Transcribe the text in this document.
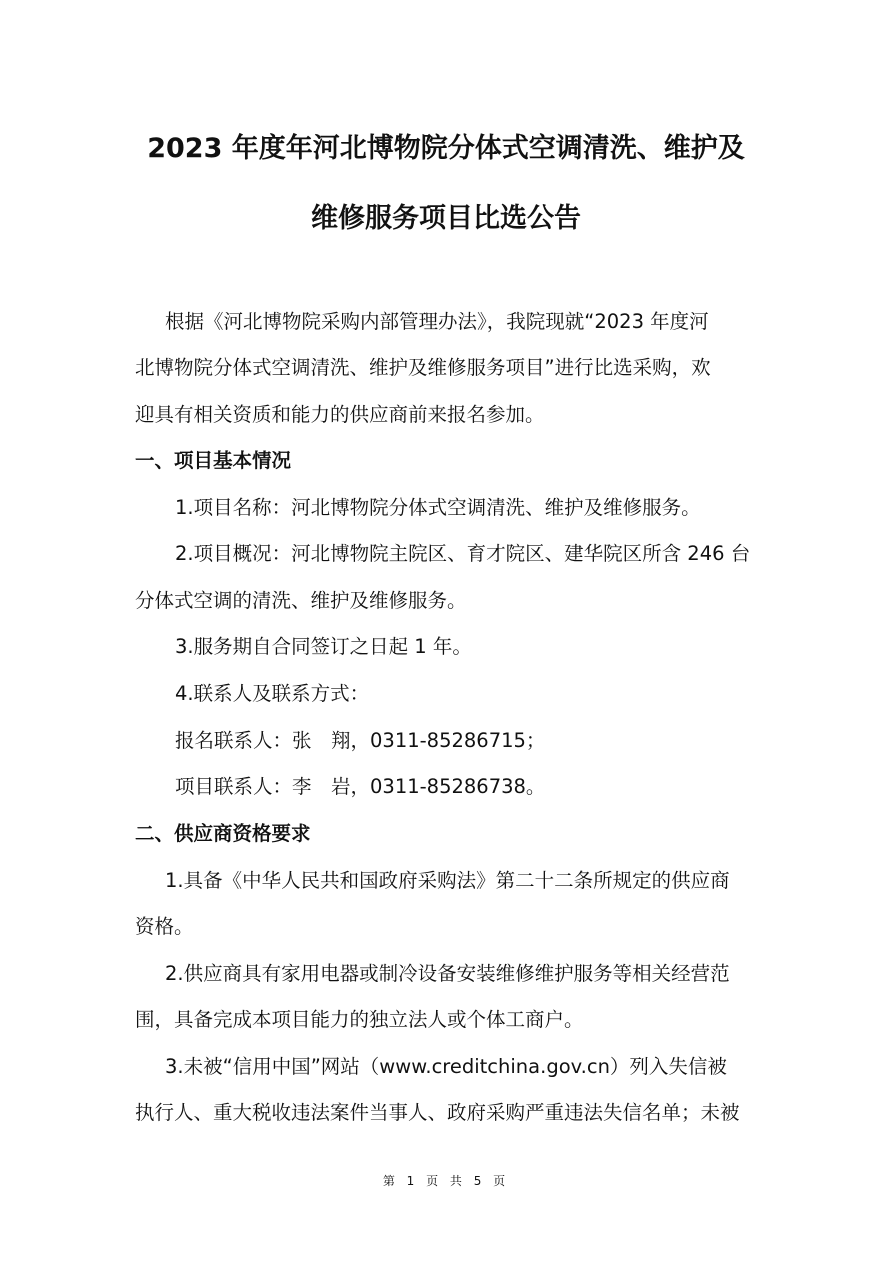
2023 年度年河北博物院分体式空调清洗、维护及
维修服务项目比选公告
根据《河北博物院采购内部管理办法》，我院现就“2023 年度河
北博物院分体式空调清洗、维护及维修服务项目”进行比选采购，欢
迎具有相关资质和能力的供应商前来报名参加。
一、项目基本情况
1.项目名称：河北博物院分体式空调清洗、维护及维修服务。
2.项目概况：河北博物院主院区、育才院区、建华院区所含 246 台
分体式空调的清洗、维护及维修服务。
3.服务期自合同签订之日起 1 年。
4.联系人及联系方式：
报名联系人：张　翔，0311-85286715；
项目联系人：李　岩，0311-85286738。
二、供应商资格要求
1.具备《中华人民共和国政府采购法》第二十二条所规定的供应商
资格。
2.供应商具有家用电器或制冷设备安装维修维护服务等相关经营范
围，具备完成本项目能力的独立法人或个体工商户。
3.未被“信用中国”网站（www.creditchina.gov.cn）列入失信被
执行人、重大税收违法案件当事人、政府采购严重违法失信名单；未被
第 1 页 共 5 页
